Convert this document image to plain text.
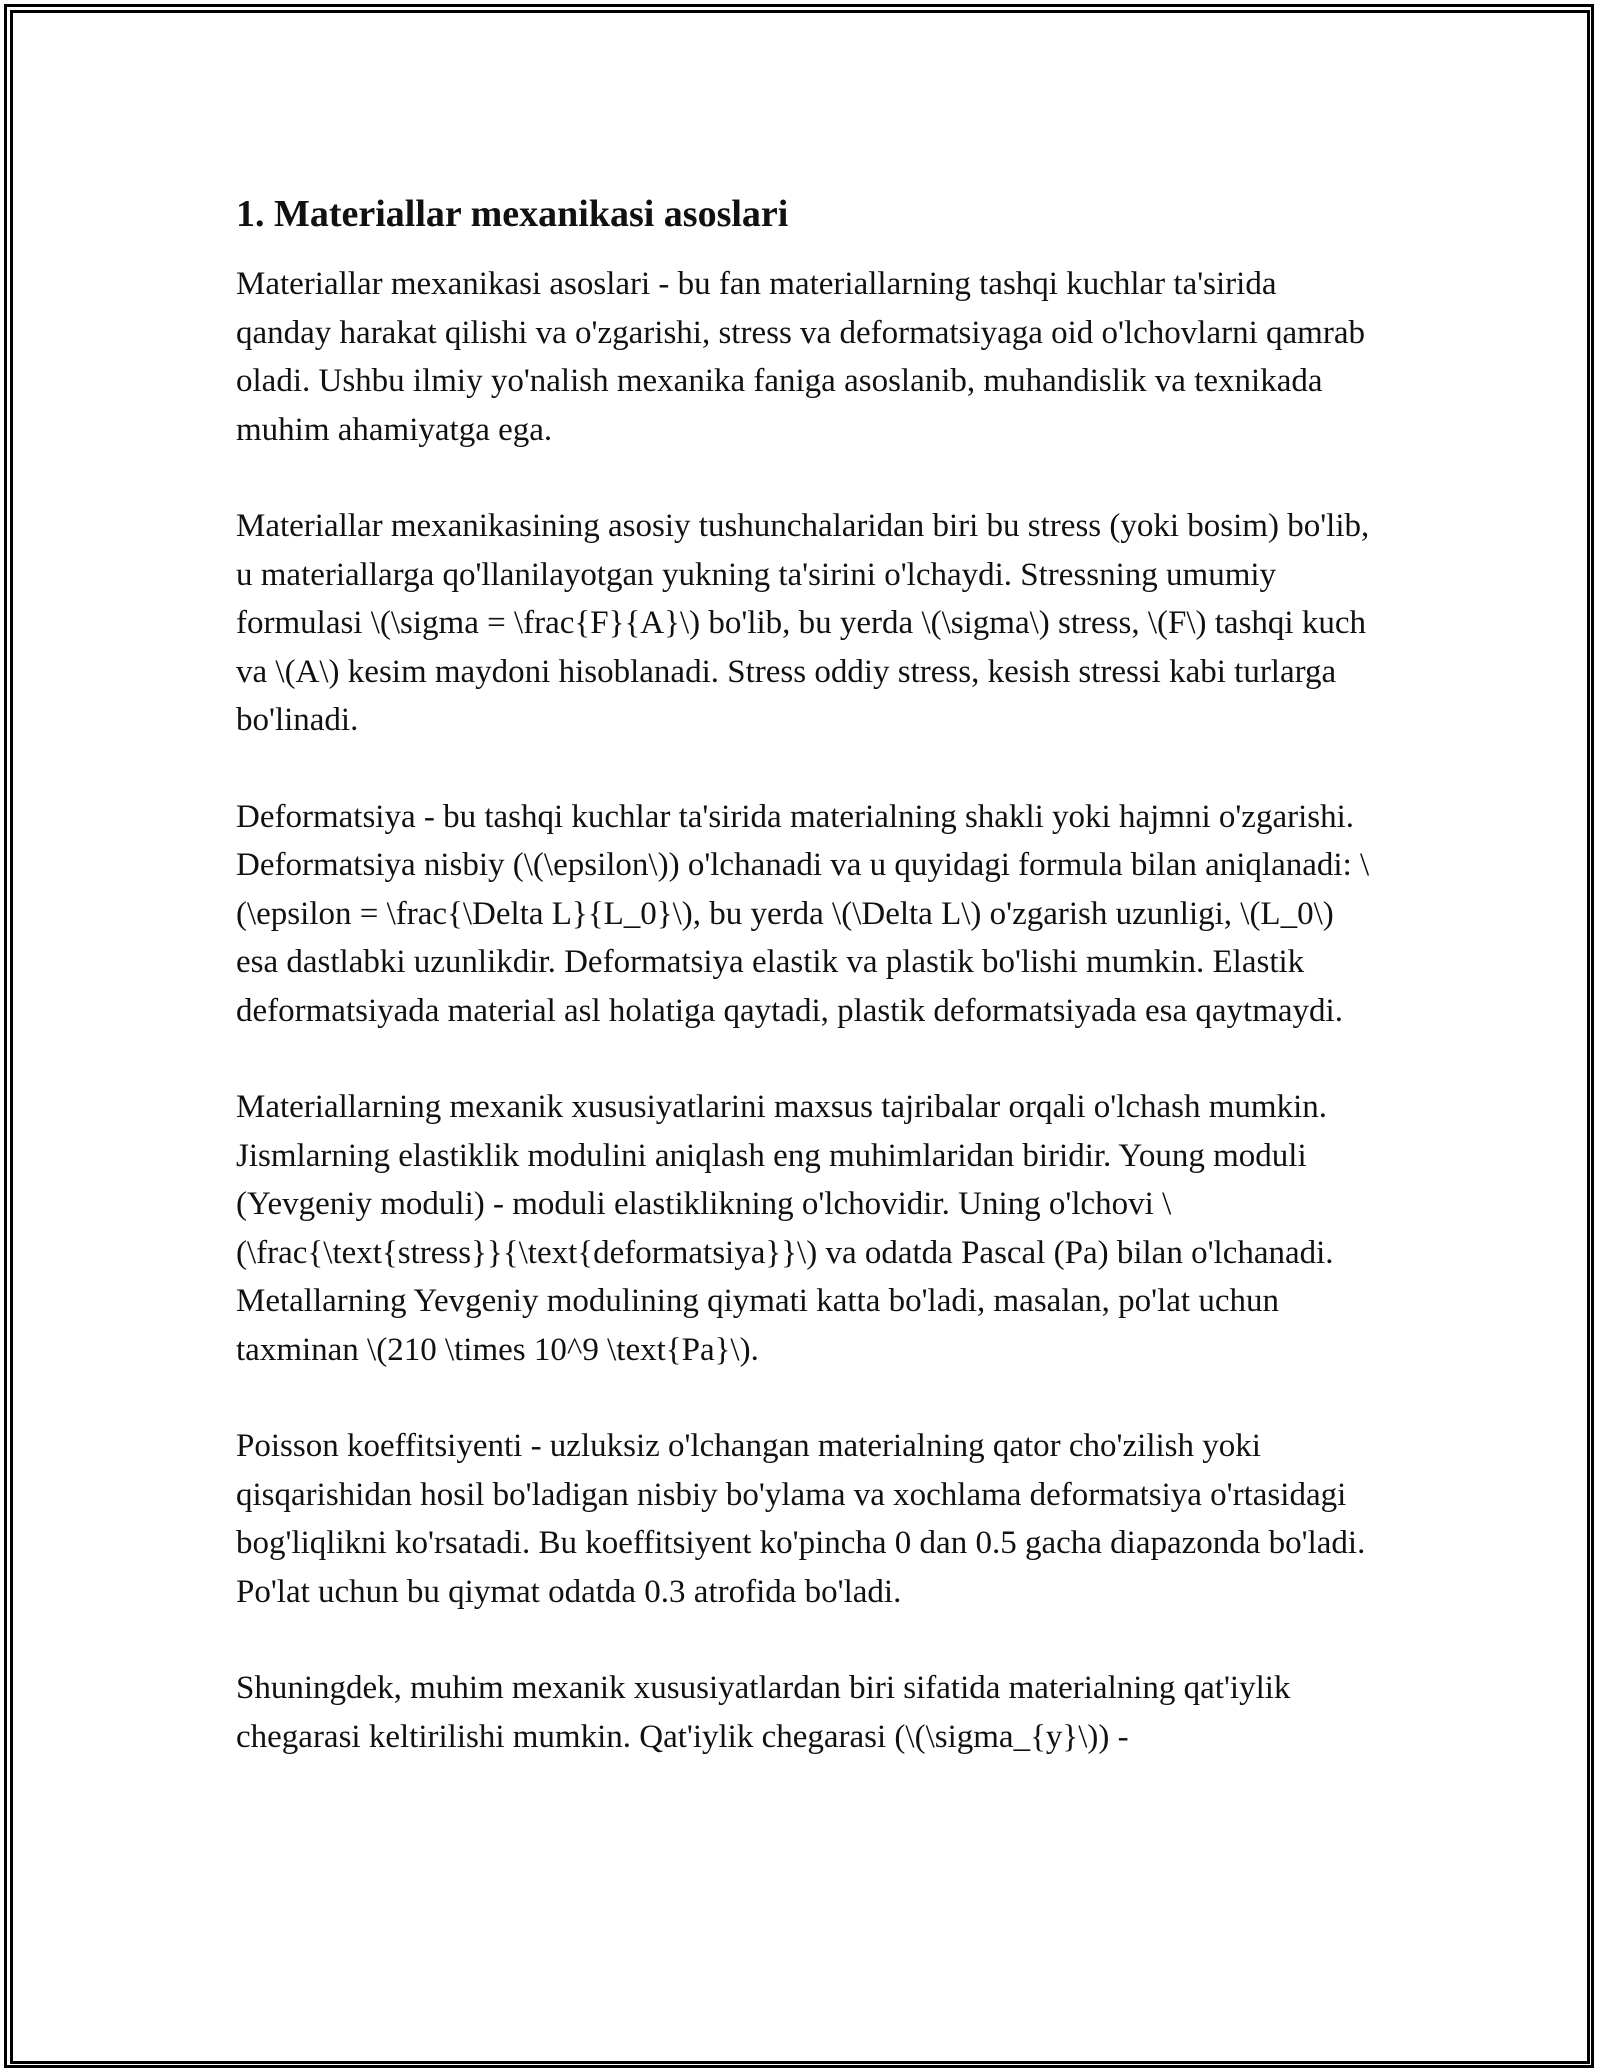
1. Materiallar mexanikasi asoslari

Materiallar mexanikasi asoslari - bu fan materiallarning tashqi kuchlar ta'sirida qanday harakat qilishi va o'zgarishi, stress va deformatsiyaga oid o'lchovlarni qamrab oladi. Ushbu ilmiy yo'nalish mexanika faniga asoslanib, muhandislik va texnikada muhim ahamiyatga ega.

Materiallar mexanikasining asosiy tushunchalaridan biri bu stress (yoki bosim) bo'lib, u materiallarga qo'llanilayotgan yukning ta'sirini o'lchaydi. Stressning umumiy formulasi \(\sigma = \frac{F}{A}\) bo'lib, bu yerda \(\sigma\) stress, \(F\) tashqi kuch va \(A\) kesim maydoni hisoblanadi. Stress oddiy stress, kesish stressi kabi turlarga bo'linadi.

Deformatsiya - bu tashqi kuchlar ta'sirida materialning shakli yoki hajmni o'zgarishi. Deformatsiya nisbiy (\(\epsilon\)) o'lchanadi va u quyidagi formula bilan aniqlanadi: \(\epsilon = \frac{\Delta L}{L_0}\), bu yerda \(\Delta L\) o'zgarish uzunligi, \(L_0\) esa dastlabki uzunlikdir. Deformatsiya elastik va plastik bo'lishi mumkin. Elastik deformatsiyada material asl holatiga qaytadi, plastik deformatsiyada esa qaytmaydi.

Materiallarning mexanik xususiyatlarini maxsus tajribalar orqali o'lchash mumkin. Jismlarning elastiklik modulini aniqlash eng muhimlaridan biridir. Young moduli (Yevgeniy moduli) - moduli elastiklikning o'lchovidir. Uning o'lchovi \(\frac{\text{stress}}{\text{deformatsiya}}\) va odatda Pascal (Pa) bilan o'lchanadi. Metallarning Yevgeniy modulining qiymati katta bo'ladi, masalan, po'lat uchun taxminan \(210 \times 10^9 \text{Pa}\).

Poisson koeffitsiyenti - uzluksiz o'lchangan materialning qator cho'zilish yoki qisqarishidan hosil bo'ladigan nisbiy bo'ylama va xochlama deformatsiya o'rtasidagi bog'liqlikni ko'rsatadi. Bu koeffitsiyent ko'pincha 0 dan 0.5 gacha diapazonda bo'ladi. Po'lat uchun bu qiymat odatda 0.3 atrofida bo'ladi.

Shuningdek, muhim mexanik xususiyatlardan biri sifatida materialning qat'iylik chegarasi keltirilishi mumkin. Qat'iylik chegarasi (\(\sigma_{y}\)) -
